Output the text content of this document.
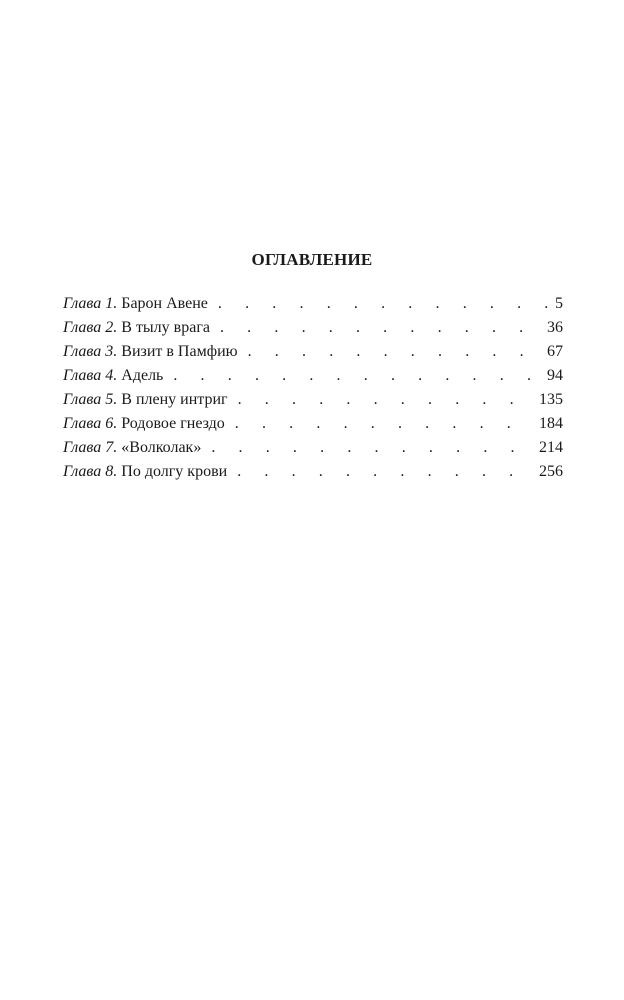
ОГЛАВЛЕНИЕ
Глава 1. Барон Авене . . .	5
Глава 2. В тылу врага . . .	36
Глава 3. Визит в Памфию . . .	67
Глава 4. Адель . . .	94
Глава 5. В плену интриг . . .	135
Глава 6. Родовое гнездо . . .	184
Глава 7. «Волколак» . . .	214
Глава 8. По долгу крови . . .	256
